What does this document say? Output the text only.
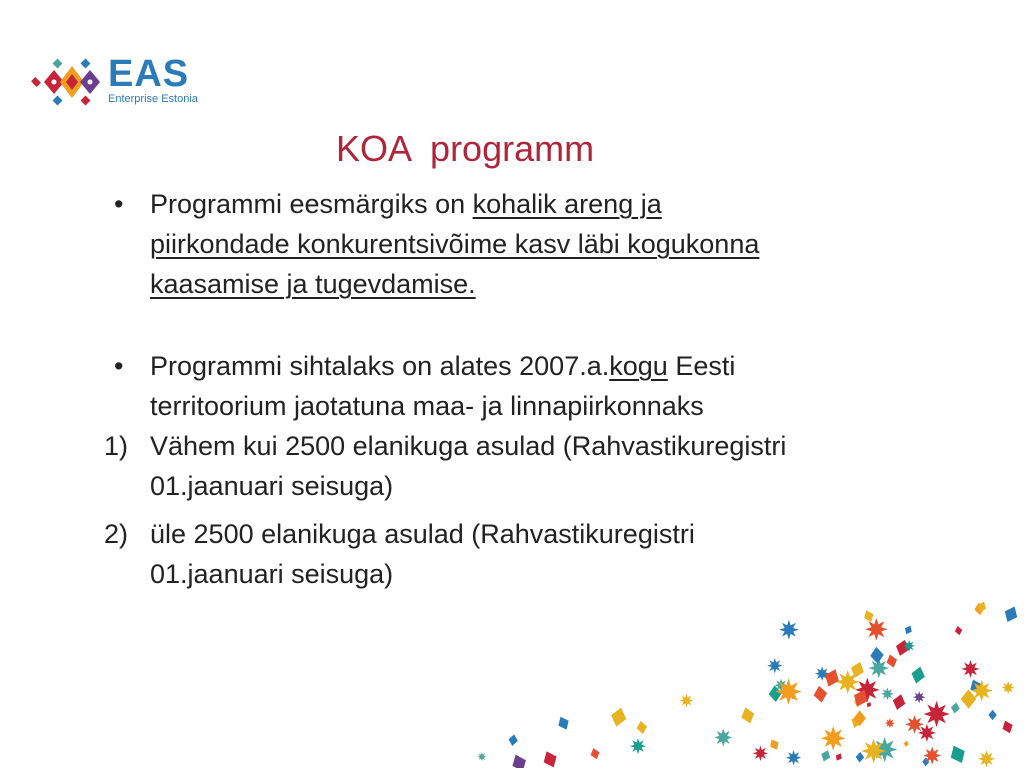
EAS
Enterprise Estonia
KOA  programm
• Programmi eesmärgiks on kohalik areng ja piirkondade konkurentsivõime kasv läbi kogukonna kaasamise ja tugevdamise.
• Programmi sihtalaks on alates 2007.a.kogu Eesti territoorium jaotatuna maa- ja linnapiirkonnaks
1) Vähem kui 2500 elanikuga asulad (Rahvastikuregistri 01.jaanuari seisuga)
2) üle 2500 elanikuga asulad (Rahvastikuregistri 01.jaanuari seisuga)
